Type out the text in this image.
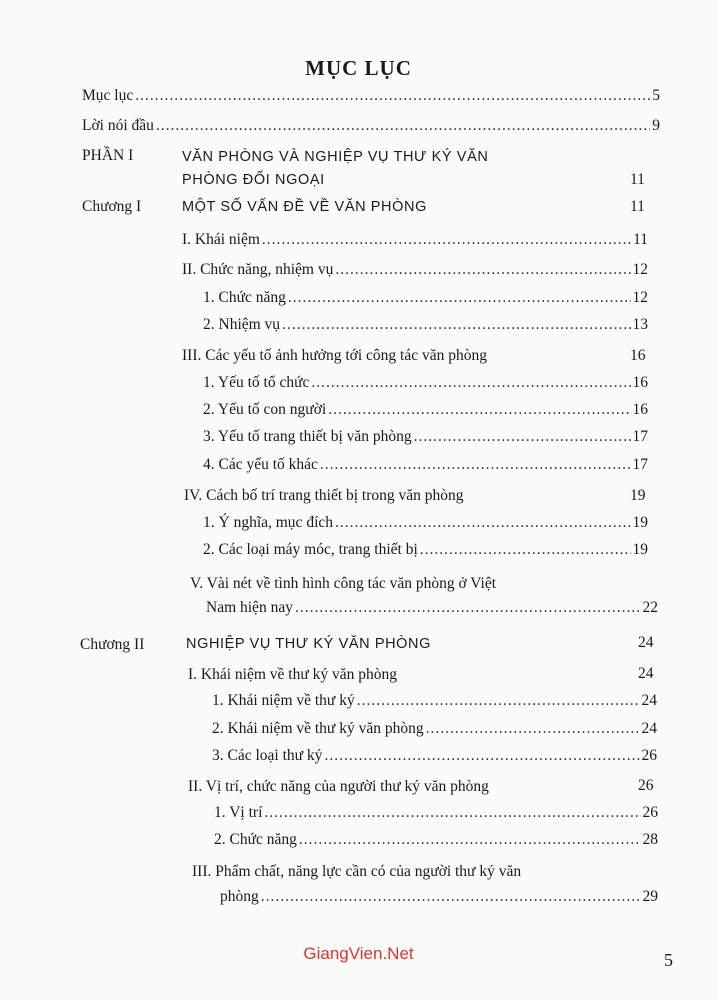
MỤC LỤC
Mục lục .....	5
Lời nói đầu .....	9
PHẦN I	VĂN PHÒNG VÀ NGHIỆP VỤ THƯ KÝ VĂN
PHÒNG ĐỐI NGOẠI	11
Chương I	MỘT SỐ VẤN ĐỀ VỀ VĂN PHÒNG	11
I. Khái niệm .....	11
II. Chức năng, nhiệm vụ .....	12
1. Chức năng .....	12
2. Nhiệm vụ .....	13
III. Các yếu tố ảnh hưởng tới công tác văn phòng	16
1. Yếu tố tổ chức .....	16
2. Yếu tố con người .....	16
3. Yếu tố trang thiết bị văn phòng .....	17
4. Các yếu tố khác .....	17
IV. Cách bố trí trang thiết bị trong văn phòng	19
1. Ý nghĩa, mục đích .....	19
2. Các loại máy móc, trang thiết bị .....	19
V. Vài nét về tình hình công tác văn phòng ở Việt
Nam hiện nay .....	22
Chương II	NGHIỆP VỤ THƯ KÝ VĂN PHÒNG	24
I. Khái niệm về thư ký văn phòng	24
1. Khái niệm về thư ký .....	24
2. Khái niệm về thư ký văn phòng .....	24
3. Các loại thư ký .....	26
II. Vị trí, chức năng của người thư ký văn phòng	26
1. Vị trí .....	26
2. Chức năng .....	28
III. Phẩm chất, năng lực cần có của người thư ký văn
phòng .....	29
GiangVien.Net	5
